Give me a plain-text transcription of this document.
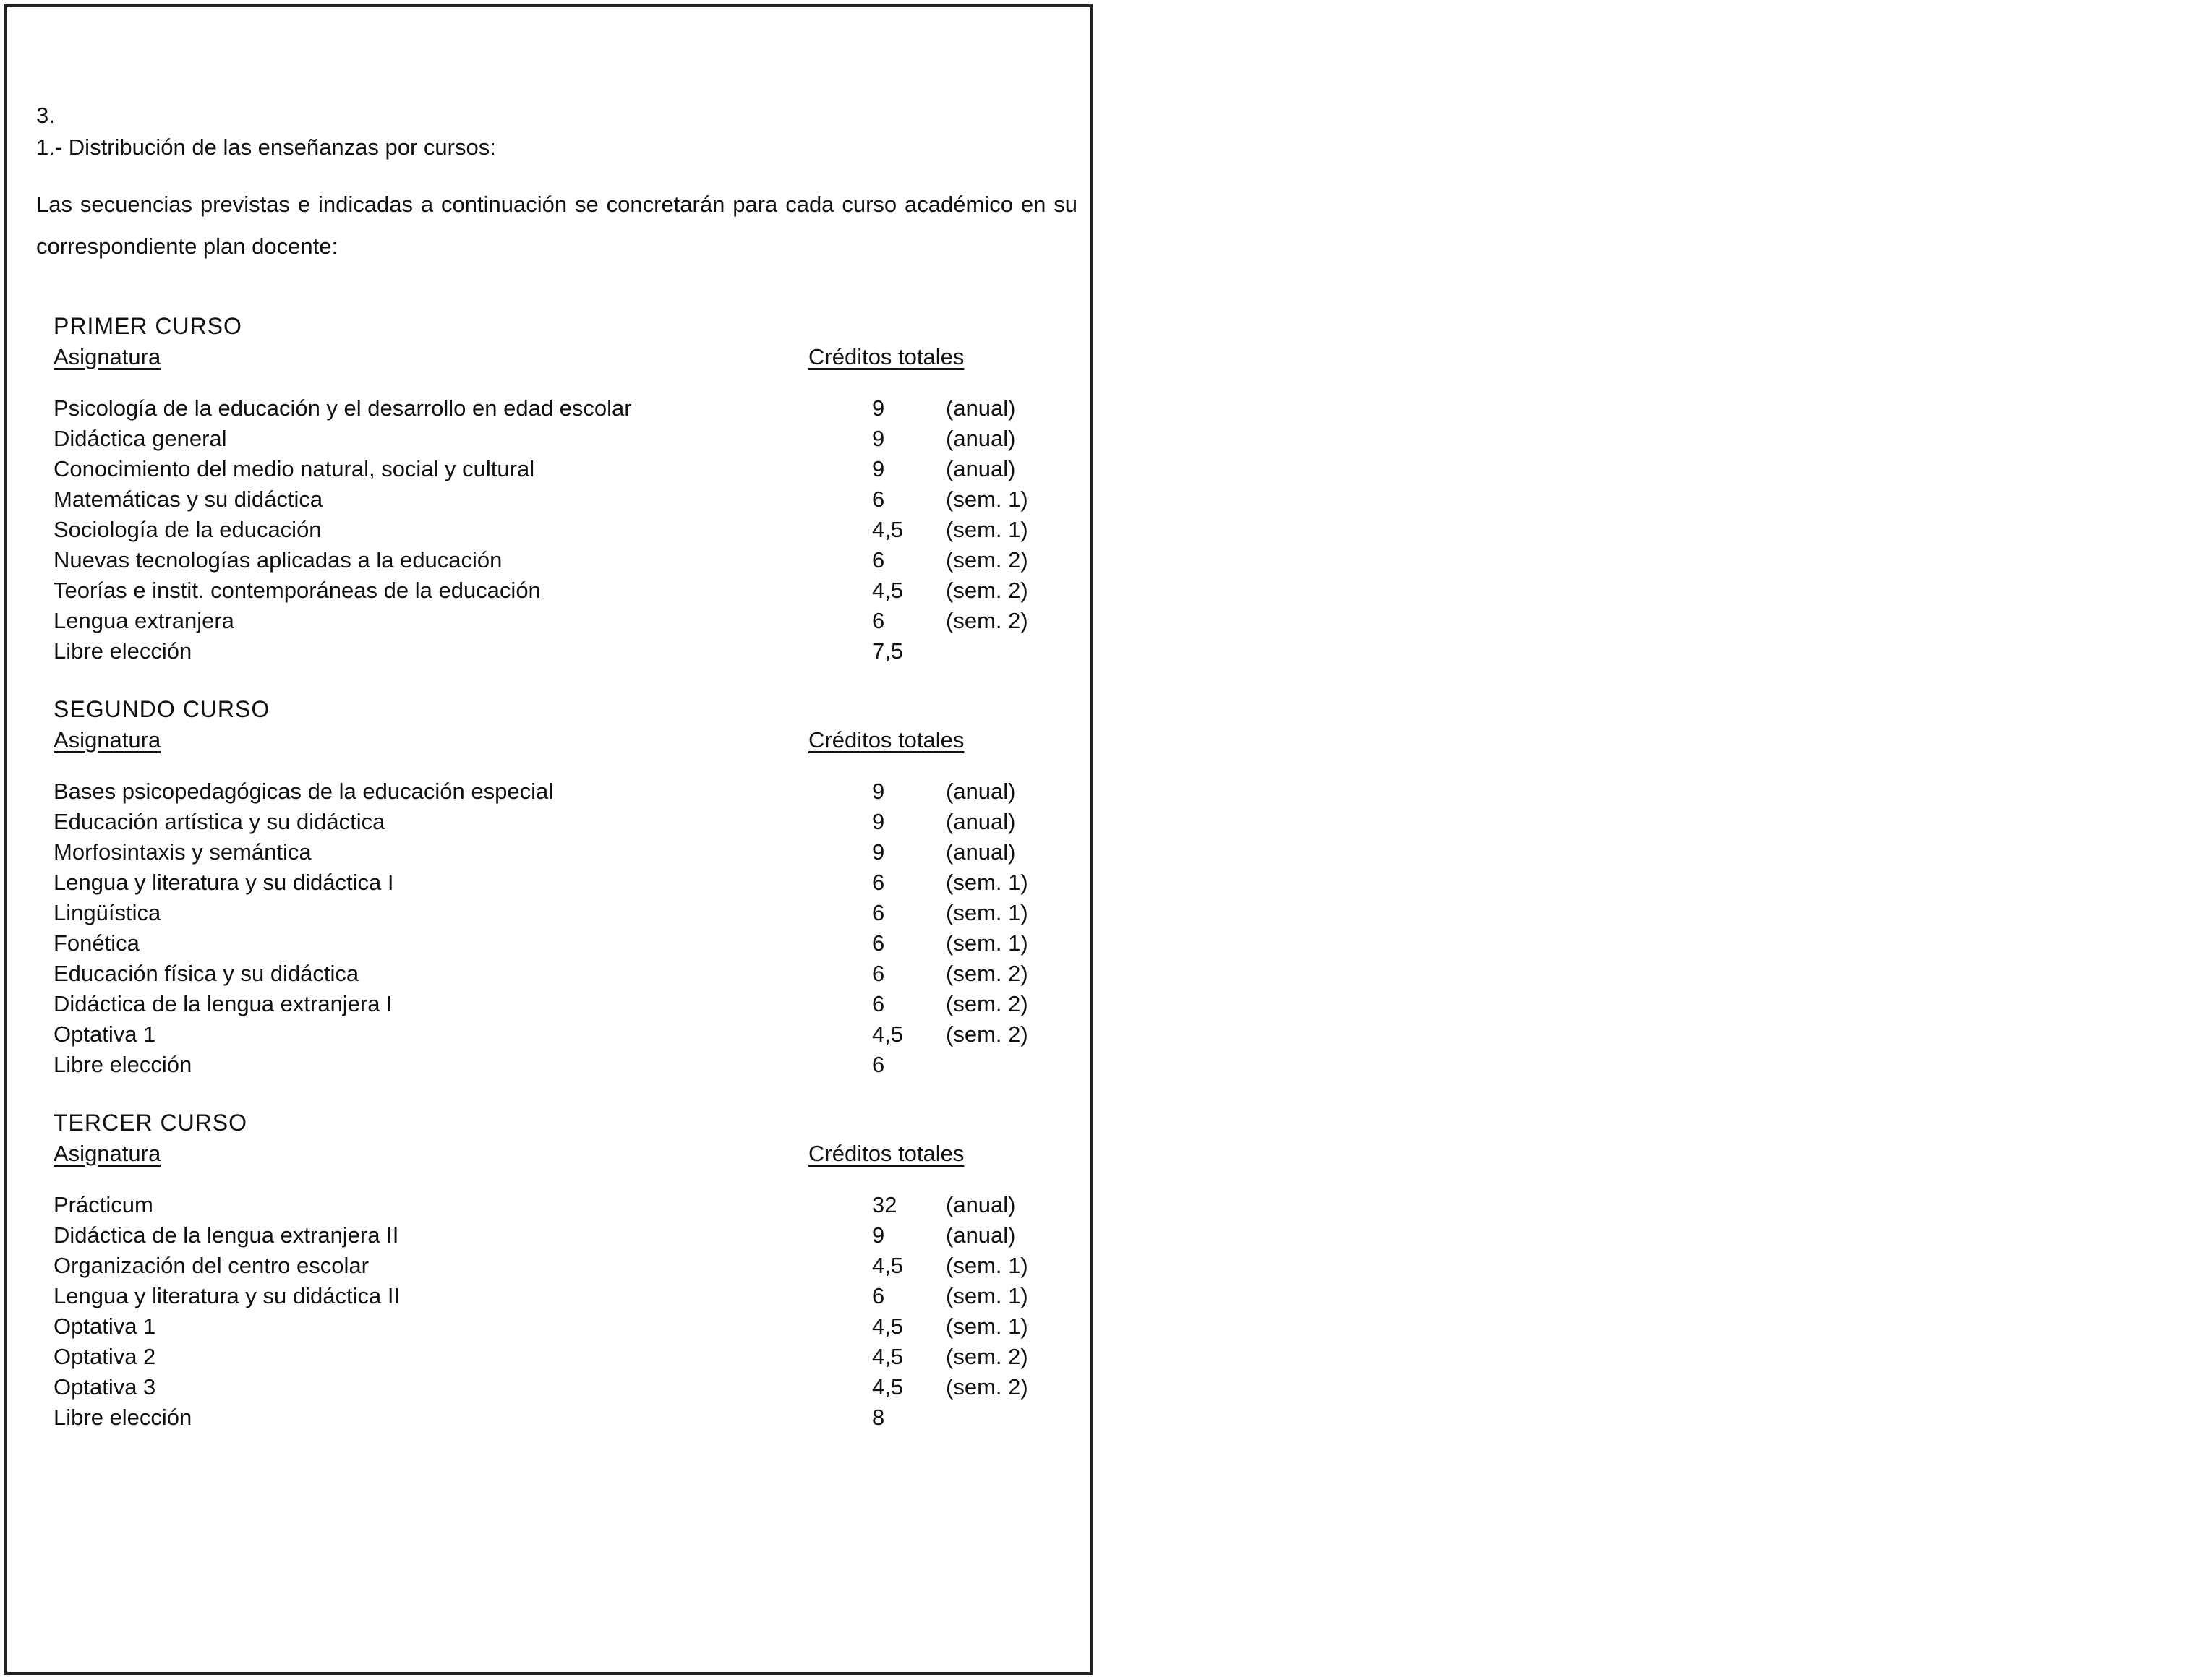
3.
1.- Distribución de las enseñanzas por cursos:
Las secuencias previstas e indicadas a continuación se concretarán para cada curso académico en su correspondiente plan docente:
PRIMER CURSO
Asignatura	Créditos totales
Psicología de la educación y el desarrollo en edad escolar	9	(anual)
Didáctica general	9	(anual)
Conocimiento del medio natural, social y cultural	9	(anual)
Matemáticas y su didáctica	6	(sem. 1)
Sociología de la educación	4,5	(sem. 1)
Nuevas tecnologías aplicadas a la educación	6	(sem. 2)
Teorías e instit. contemporáneas de la educación	4,5	(sem. 2)
Lengua extranjera	6	(sem. 2)
Libre elección	7,5
SEGUNDO CURSO
Asignatura	Créditos totales
Bases psicopedagógicas de la educación especial	9	(anual)
Educación artística y su didáctica	9	(anual)
Morfosintaxis y semántica	9	(anual)
Lengua y literatura y su didáctica I	6	(sem. 1)
Lingüística	6	(sem. 1)
Fonética	6	(sem. 1)
Educación física y su didáctica	6	(sem. 2)
Didáctica de la lengua extranjera I	6	(sem. 2)
Optativa 1	4,5	(sem. 2)
Libre elección	6
TERCER CURSO
Asignatura	Créditos totales
Prácticum	32	(anual)
Didáctica de la lengua extranjera II	9	(anual)
Organización del centro escolar	4,5	(sem. 1)
Lengua y literatura y su didáctica II	6	(sem. 1)
Optativa 1	4,5	(sem. 1)
Optativa 2	4,5	(sem. 2)
Optativa 3	4,5	(sem. 2)
Libre elección	8
